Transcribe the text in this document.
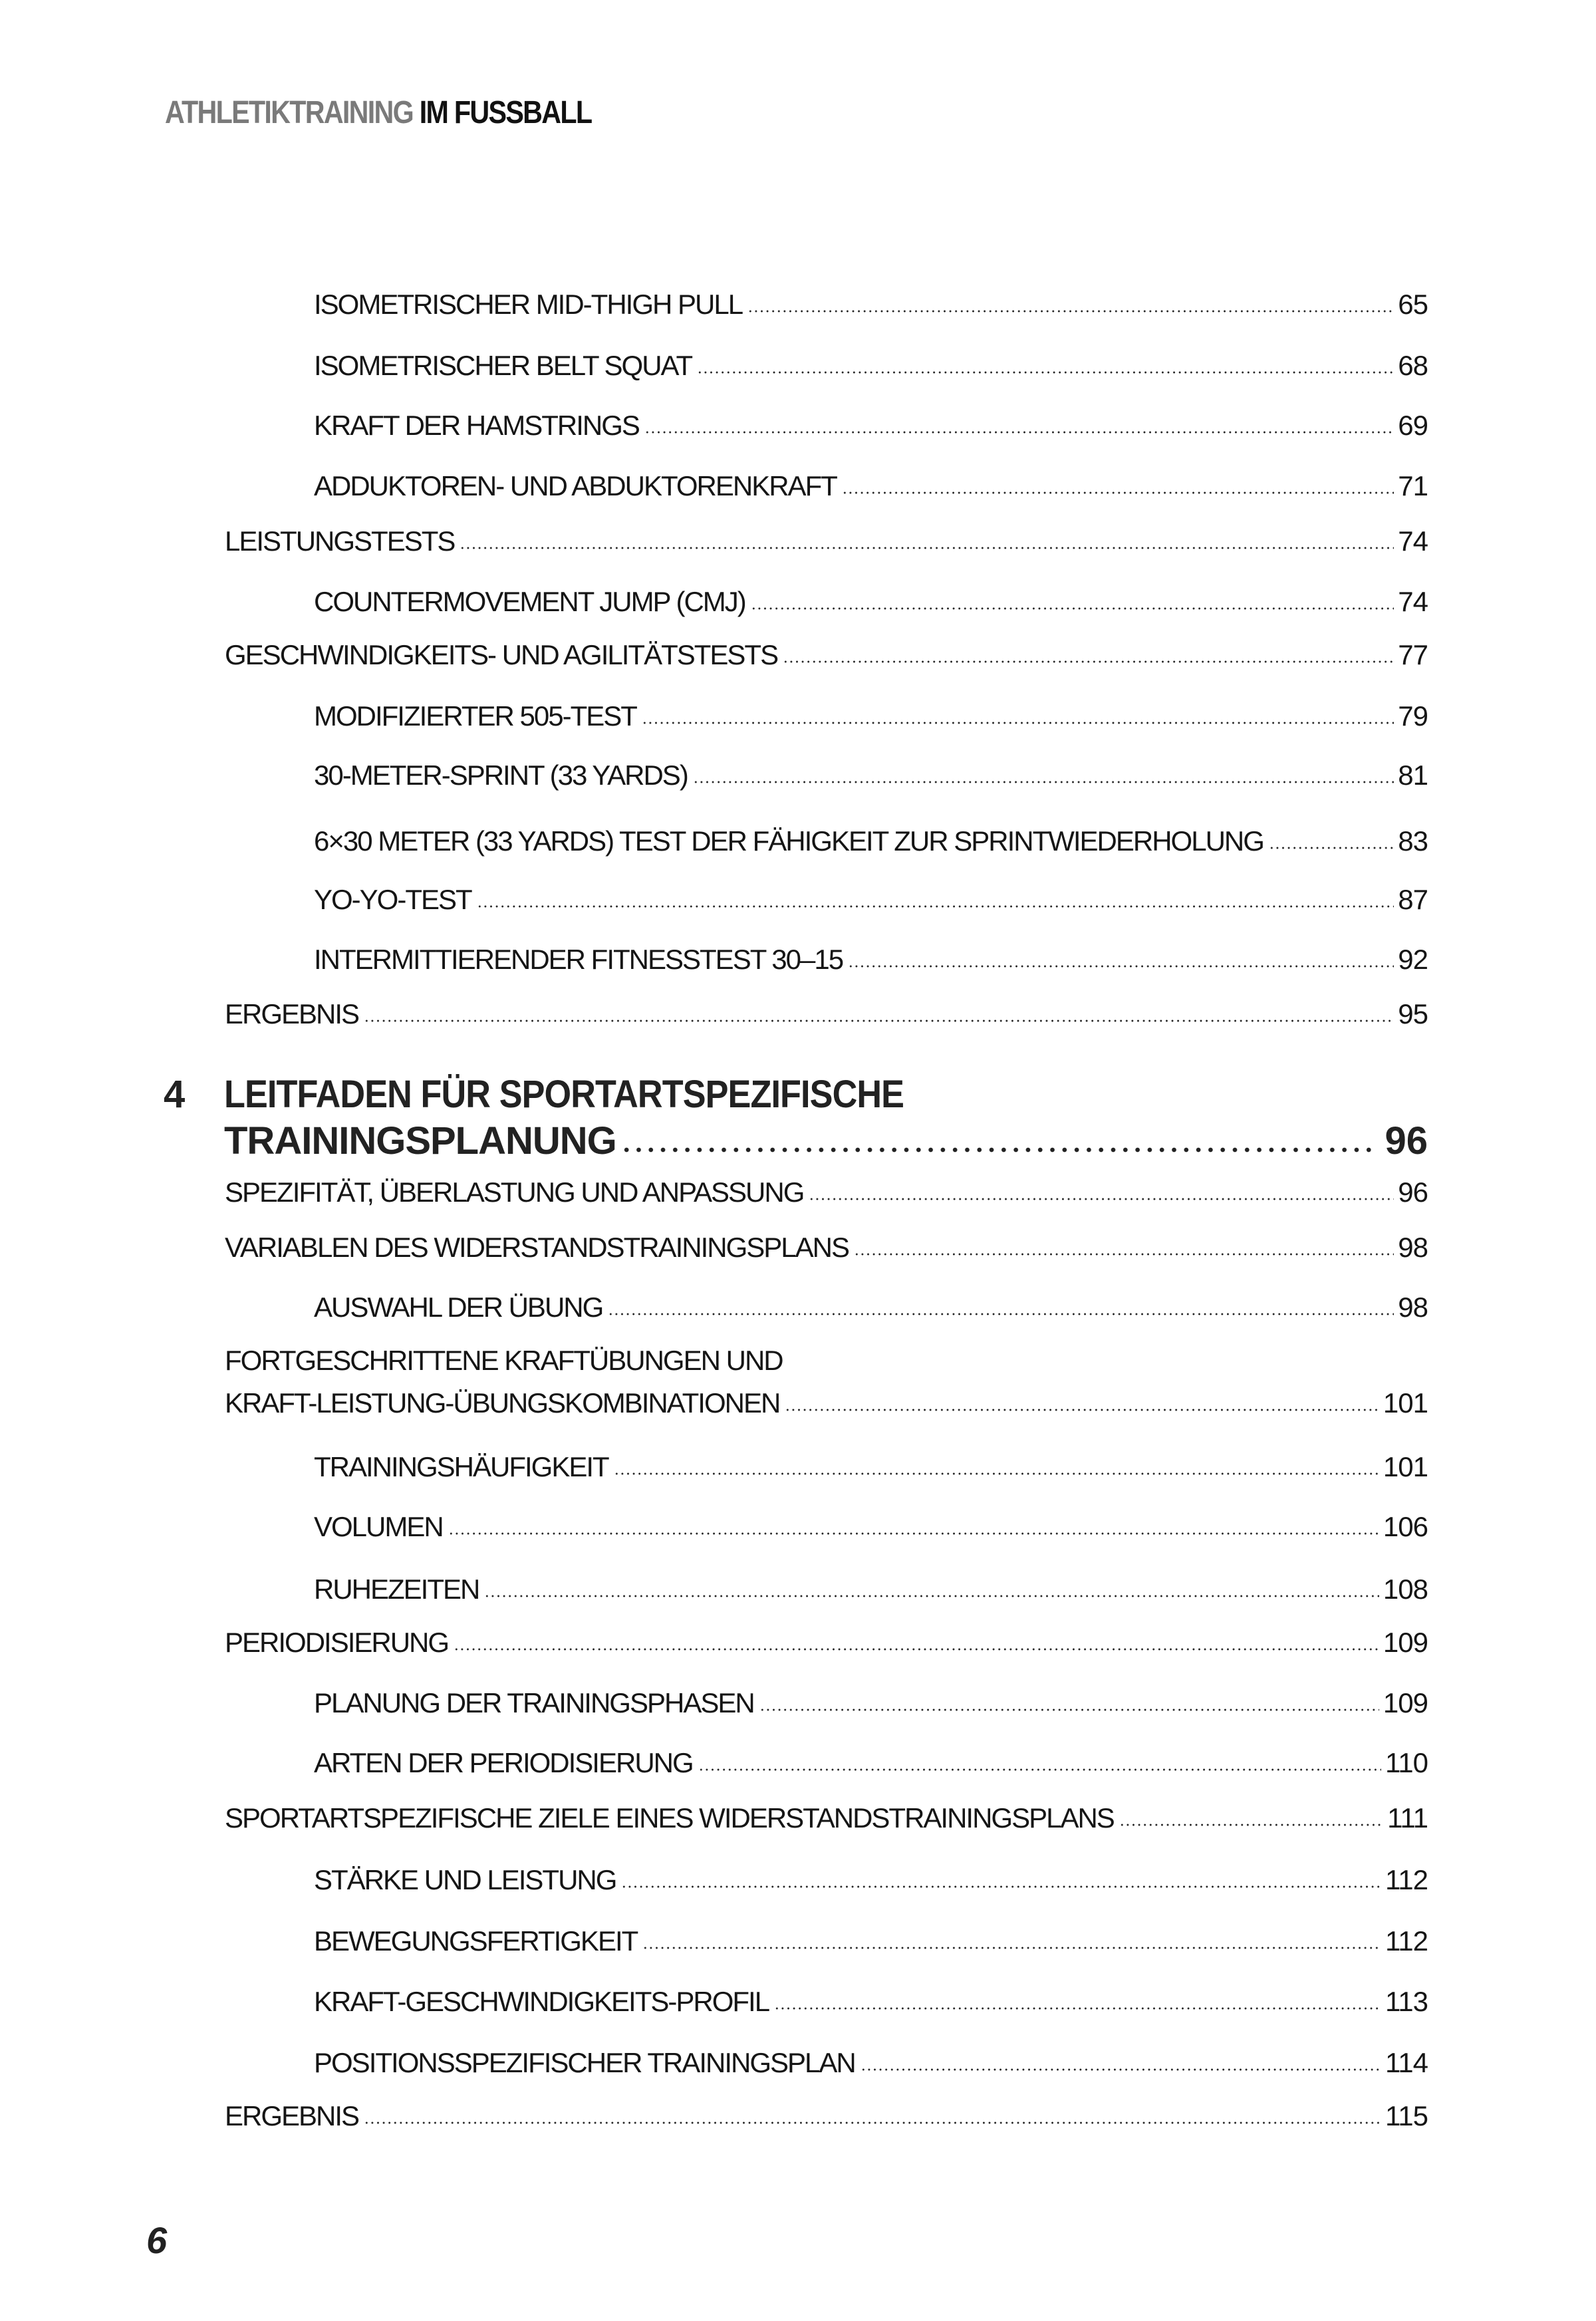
ATHLETIKTRAINING IM FUSSBALL
ISOMETRISCHER MID-THIGH PULL	65
ISOMETRISCHER BELT SQUAT	68
KRAFT DER HAMSTRINGS	69
ADDUKTOREN- UND ABDUKTORENKRAFT	71
LEISTUNGSTESTS	74
COUNTERMOVEMENT JUMP (CMJ)	74
GESCHWINDIGKEITS- UND AGILITÄTSTESTS	77
MODIFIZIERTER 505-TEST	79
30-METER-SPRINT (33 YARDS)	81
6×30 METER (33 YARDS) TEST DER FÄHIGKEIT ZUR SPRINTWIEDERHOLUNG	83
YO-YO-TEST	87
INTERMITTIERENDER FITNESSTEST 30–15	92
ERGEBNIS	95
4 LEITFADEN FÜR SPORTARTSPEZIFISCHE
TRAININGSPLANUNG	96
SPEZIFITÄT, ÜBERLASTUNG UND ANPASSUNG	96
VARIABLEN DES WIDERSTANDSTRAININGSPLANS	98
AUSWAHL DER ÜBUNG	98
FORTGESCHRITTENE KRAFTÜBUNGEN UND
KRAFT-LEISTUNG-ÜBUNGSKOMBINATIONEN	101
TRAININGSHÄUFIGKEIT	101
VOLUMEN	106
RUHEZEITEN	108
PERIODISIERUNG	109
PLANUNG DER TRAININGSPHASEN	109
ARTEN DER PERIODISIERUNG	110
SPORTARTSPEZIFISCHE ZIELE EINES WIDERSTANDSTRAININGSPLANS	111
STÄRKE UND LEISTUNG	112
BEWEGUNGSFERTIGKEIT	112
KRAFT-GESCHWINDIGKEITS-PROFIL	113
POSITIONSSPEZIFISCHER TRAININGSPLAN	114
ERGEBNIS	115
6
